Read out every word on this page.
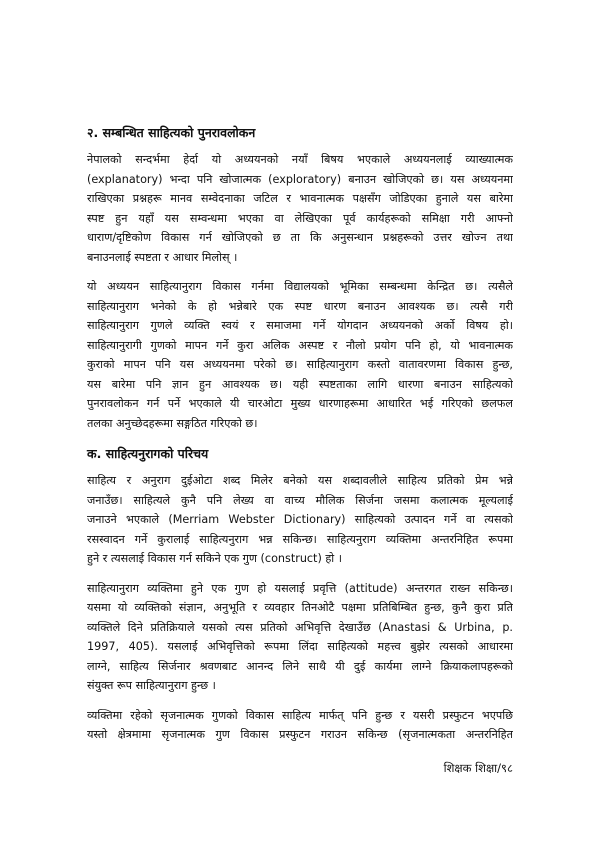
२. सम्बन्धित साहित्यको पुनरावलोकन
नेपालको सन्दर्भमा हेर्दा यो अध्ययनको नयाँ बिषय भएकाले अध्ययनलाई व्याख्यात्मक
(explanatory) भन्दा पनि खोजात्मक (exploratory) बनाउन खोजिएको छ। यस अध्ययनमा
राखिएका प्रश्नहरू मानव सम्वेदनाका जटिल र भावनात्मक पक्षसँग जोडिएका हुनाले यस बारेमा
स्पष्ट हुन यहाँ यस सम्वन्धमा भएका वा लेखिएका पूर्व कार्यहरूको समिक्षा गरी आफ्नो
धाराण/दृष्टिकोण विकास गर्न खोजिएको छ ता कि अनुसन्धान प्रश्नहरूको उत्तर खोज्न तथा
बनाउनलाई स्पष्टता र आधार मिलोस् ।
यो अध्ययन साहित्यानुराग विकास गर्नमा विद्यालयको भूमिका सम्बन्धमा केन्द्रित छ। त्यसैले
साहित्यानुराग भनेको के हो भन्नेबारे एक स्पष्ट धारण बनाउन आवश्यक छ। त्यसै गरी
साहित्यानुराग गुणले व्यक्ति स्वयं र समाजमा गर्ने योगदान अध्ययनको अर्को विषय हो।
साहित्यानुरागी गुणको मापन गर्ने कुरा अलिक अस्पष्ट र नौलो प्रयोग पनि हो, यो भावनात्मक
कुराको मापन पनि यस अध्ययनमा परेको छ। साहित्यानुराग कस्तो वातावरणमा विकास हुन्छ,
यस बारेमा पनि ज्ञान हुन आवश्यक छ। यही स्पष्टताका लागि धारणा बनाउन साहित्यको
पुनरावलोकन गर्न पर्ने भएकाले यी चारओटा मुख्य धारणाहरूमा आधारित भई गरिएको छलफल
तलका अनुच्छेदहरूमा सङ्गठित गरिएको छ।
क. साहित्यनुरागको परिचय
साहित्य र अनुराग दुईओटा शब्द मिलेर बनेको यस शब्दावलीले साहित्य प्रतिको प्रेम भन्ने
जनाउँछ। साहित्यले कुनै पनि लेख्य वा वाच्य मौलिक सिर्जना जसमा कलात्मक मूल्यलाई
जनाउने भएकाले (Merriam Webster Dictionary) साहित्यको उत्पादन गर्ने वा त्यसको
रसस्वादन गर्ने कुरालाई साहित्यनुराग भन्न सकिन्छ। साहित्यनुराग व्यक्तिमा अन्तरनिहित रूपमा
हुने र त्यसलाई विकास गर्न सकिने एक गुण (construct) हो ।
साहित्यानुराग व्यक्तिमा हुने एक गुण हो यसलाई प्रवृत्ति (attitude) अन्तरगत राख्न सकिन्छ।
यसमा यो व्यक्तिको संज्ञान, अनुभूति र व्यवहार तिनओटै पक्षमा प्रतिबिम्बित हुन्छ, कुनै कुरा प्रति
व्यक्तिले दिने प्रतिक्रियाले यसको त्यस प्रतिको अभिवृत्ति देखाउँछ (Anastasi & Urbina, p.
1997, 405). यसलाई अभिवृत्तिको रूपमा लिंदा साहित्यको महत्त्व बुझेर त्यसको आधारमा
लाग्ने, साहित्य सिर्जनार श्रवणबाट आनन्द लिने साथै यी दुई कार्यमा लाग्ने क्रियाकलापहरूको
संयुक्त रूप साहित्यानुराग हुन्छ ।
व्यक्तिमा रहेको सृजनात्मक गुणको विकास साहित्य मार्फत् पनि हुन्छ र यसरी प्रस्फुटन भएपछि
यस्तो क्षेत्रमामा सृजनात्मक गुण विकास प्रस्फुटन गराउन सकिन्छ (सृजनात्मकता अन्तरनिहित
शिक्षक शिक्षा/९८
